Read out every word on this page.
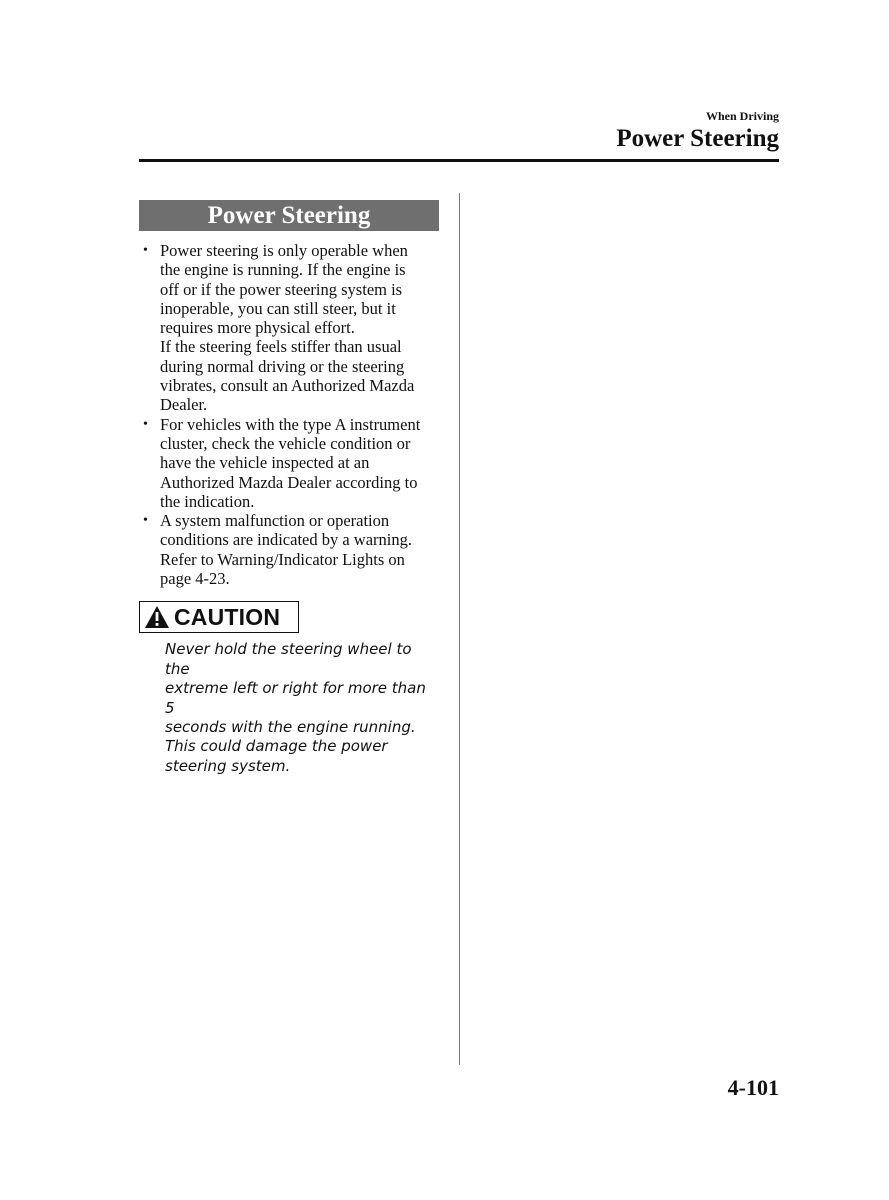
When Driving
Power Steering
Power Steering
• Power steering is only operable when
the engine is running. If the engine is
off or if the power steering system is
inoperable, you can still steer, but it
requires more physical effort.
If the steering feels stiffer than usual
during normal driving or the steering
vibrates, consult an Authorized Mazda
Dealer.
• For vehicles with the type A instrument
cluster, check the vehicle condition or
have the vehicle inspected at an
Authorized Mazda Dealer according to
the indication.
• A system malfunction or operation
conditions are indicated by a warning.
Refer to Warning/Indicator Lights on
page 4-23.
CAUTION
Never hold the steering wheel to the
extreme left or right for more than 5
seconds with the engine running.
This could damage the power
steering system.
4-101
